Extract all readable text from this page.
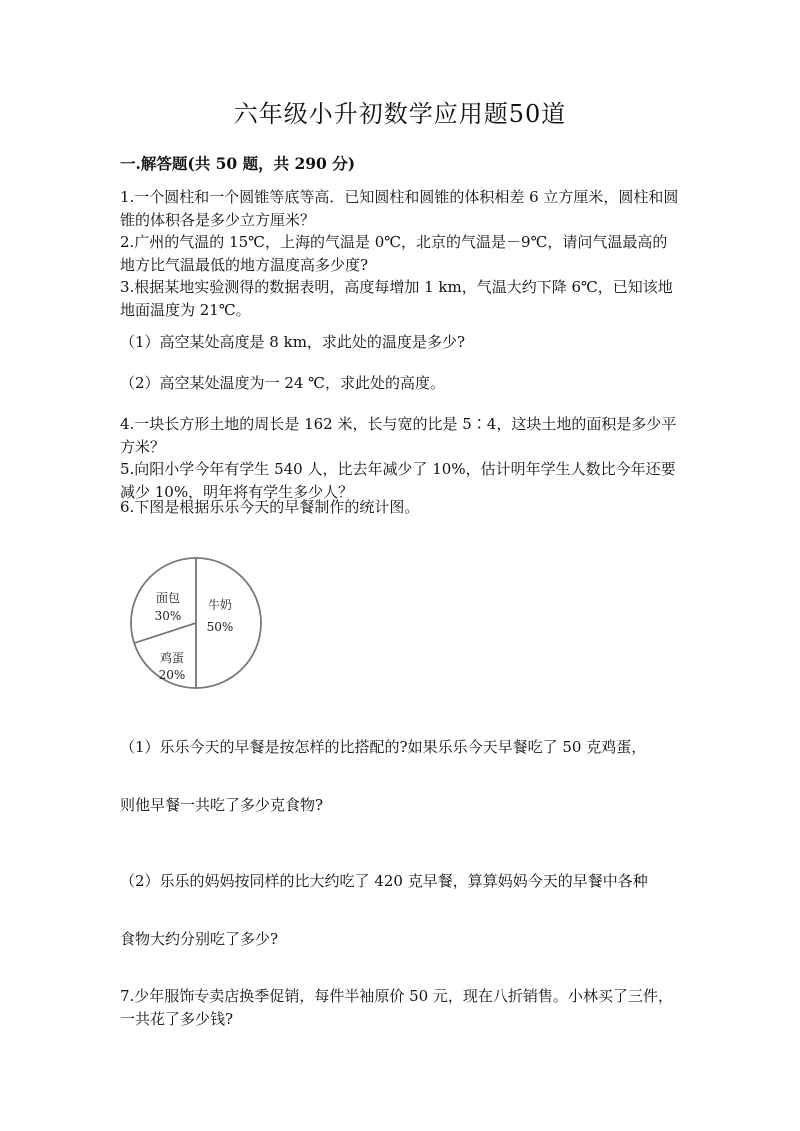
六年级小升初数学应用题50道
一.解答题(共 50 题，共 290 分)

1.一个圆柱和一个圆锥等底等高．已知圆柱和圆锥的体积相差 6 立方厘米，圆柱和圆锥的体积各是多少立方厘米？

2.广州的气温的 15℃，上海的气温是 0℃，北京的气温是－9℃，请问气温最高的地方比气温最低的地方温度高多少度?

3.根据某地实验测得的数据表明，高度每增加 1 km，气温大约下降 6℃，已知该地地面温度为 21℃。

（1）高空某处高度是 8 km，求此处的温度是多少?

（2）高空某处温度为一 24 ℃，求此处的高度。

4.一块长方形土地的周长是 162 米，长与宽的比是 5∶4，这块土地的面积是多少平方米？

5.向阳小学今年有学生 540 人，比去年减少了 10%，估计明年学生人数比今年还要减少 10%，明年将有学生多少人？

6.下图是根据乐乐今天的早餐制作的统计图。

牛奶
50%
鸡蛋
20%
面包
30%

（1）乐乐今天的早餐是按怎样的比搭配的?如果乐乐今天早餐吃了 50 克鸡蛋，

则他早餐一共吃了多少克食物?

（2）乐乐的妈妈按同样的比大约吃了 420 克早餐，算算妈妈今天的早餐中各种

食物大约分别吃了多少?

7.少年服饰专卖店换季促销，每件半袖原价 50 元，现在八折销售。小林买了三件，一共花了多少钱?
